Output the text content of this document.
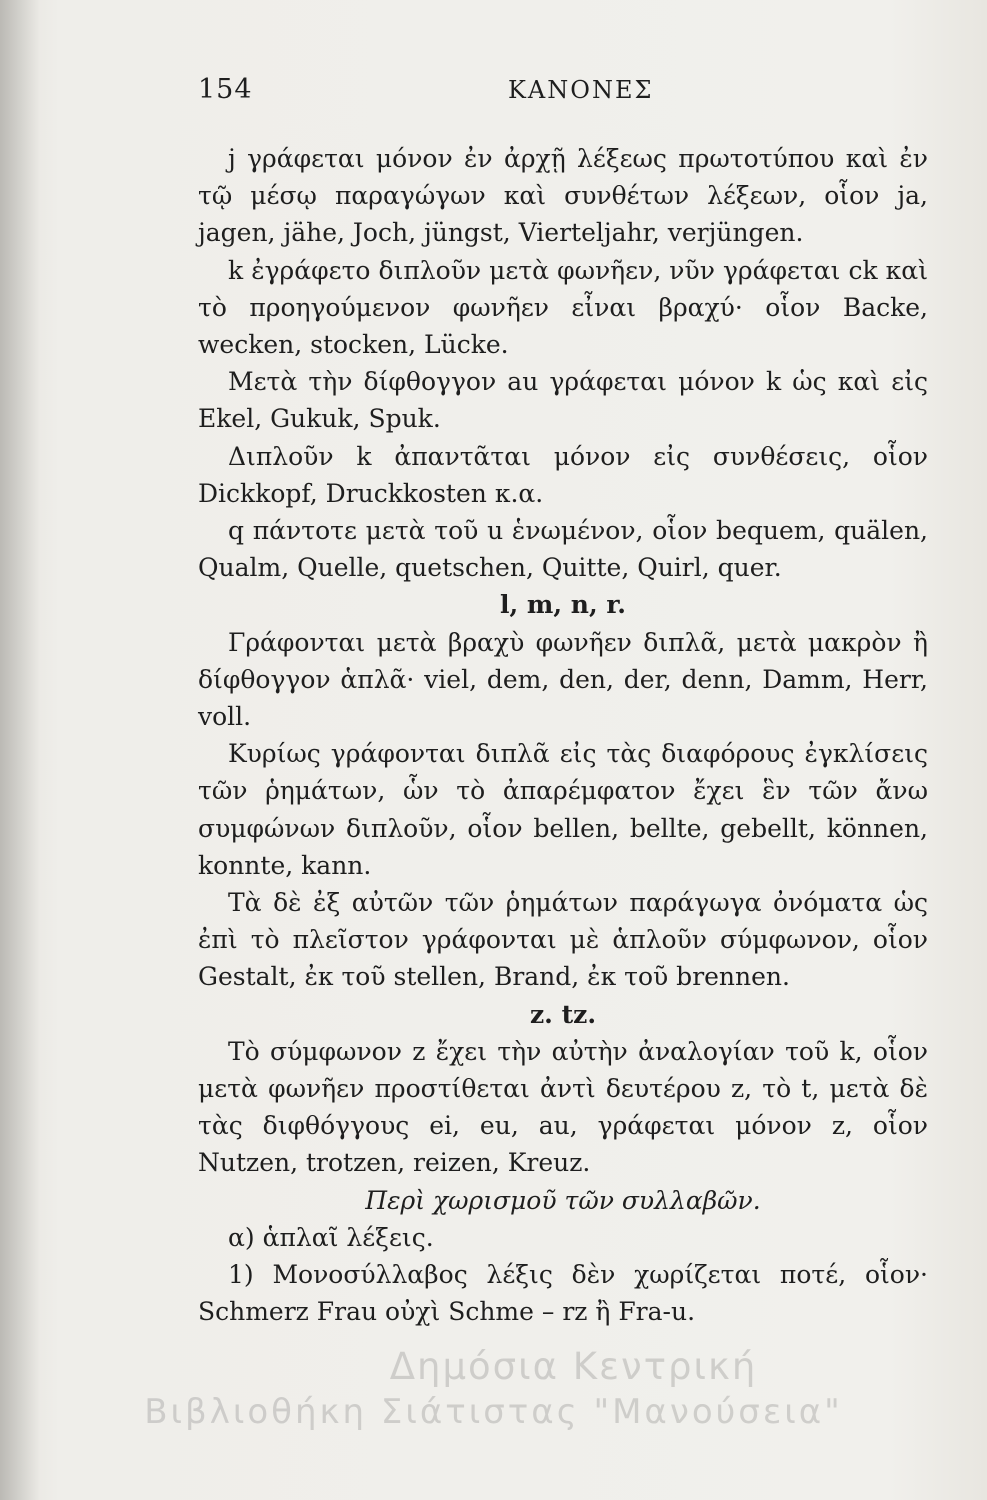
154	ΚΑΝΟΝΕΣ

j γράφεται μόνον ἐν ἀρχῇ λέξεως πρωτοτύπου καὶ ἐν τῷ μέσῳ παραγώγων καὶ συνθέτων λέξεων, οἷον ja, jagen, jähe, Joch, jüngst, Vierteljahr, verjüngen.

k ἐγράφετο διπλοῦν μετὰ φωνῆεν, νῦν γράφεται ck καὶ τὸ προηγούμενον φωνῆεν εἶναι βραχύ· οἷον Backe, wecken, stocken, Lücke.

Μετὰ τὴν δίφθογγον au γράφεται μόνον k ὡς καὶ εἰς Ekel, Gukuk, Spuk.

Διπλοῦν k ἀπαντᾶται μόνον εἰς συνθέσεις, οἷον Dickkopf, Druckkosten κ.α.

q πάντοτε μετὰ τοῦ u ἑνωμένον, οἷον bequem, quälen, Qualm, Quelle, quetschen, Quitte, Quirl, quer.

l, m, n, r.

Γράφονται μετὰ βραχὺ φωνῆεν διπλᾶ, μετὰ μακρὸν ἢ δίφθογγον ἁπλᾶ· viel, dem, den, der, denn, Damm, Herr, voll.

Κυρίως γράφονται διπλᾶ εἰς τὰς διαφόρους ἐγκλίσεις τῶν ῥημάτων, ὧν τὸ ἀπαρέμφατον ἔχει ἓν τῶν ἄνω συμφώνων διπλοῦν, οἷον bellen, bellte, gebellt, können, konnte, kann.

Τὰ δὲ ἐξ αὐτῶν τῶν ῥημάτων παράγωγα ὀνόματα ὡς ἐπὶ τὸ πλεῖστον γράφονται μὲ ἁπλοῦν σύμφωνον, οἷον Gestalt, ἐκ τοῦ stellen, Brand, ἐκ τοῦ brennen.

z. tz.

Τὸ σύμφωνον z ἔχει τὴν αὐτὴν ἀναλογίαν τοῦ k, οἷον μετὰ φωνῆεν προστίθεται ἀντὶ δευτέρου z, τὸ t, μετὰ δὲ τὰς διφθόγγους ei, eu, au, γράφεται μόνον z, οἷον Nutzen, trotzen, reizen, Kreuz.

Περὶ χωρισμοῦ τῶν συλλαβῶν.

α) ἁπλαῖ λέξεις.

1) Μονοσύλλαβος λέξις δὲν χωρίζεται ποτέ, οἷον· Schmerz Frau οὐχὶ Schme – rz ἢ Fra-u.

Δημόσια Κεντρική
Βιβλιοθήκη Σιάτιστας "Μανούσεια"
